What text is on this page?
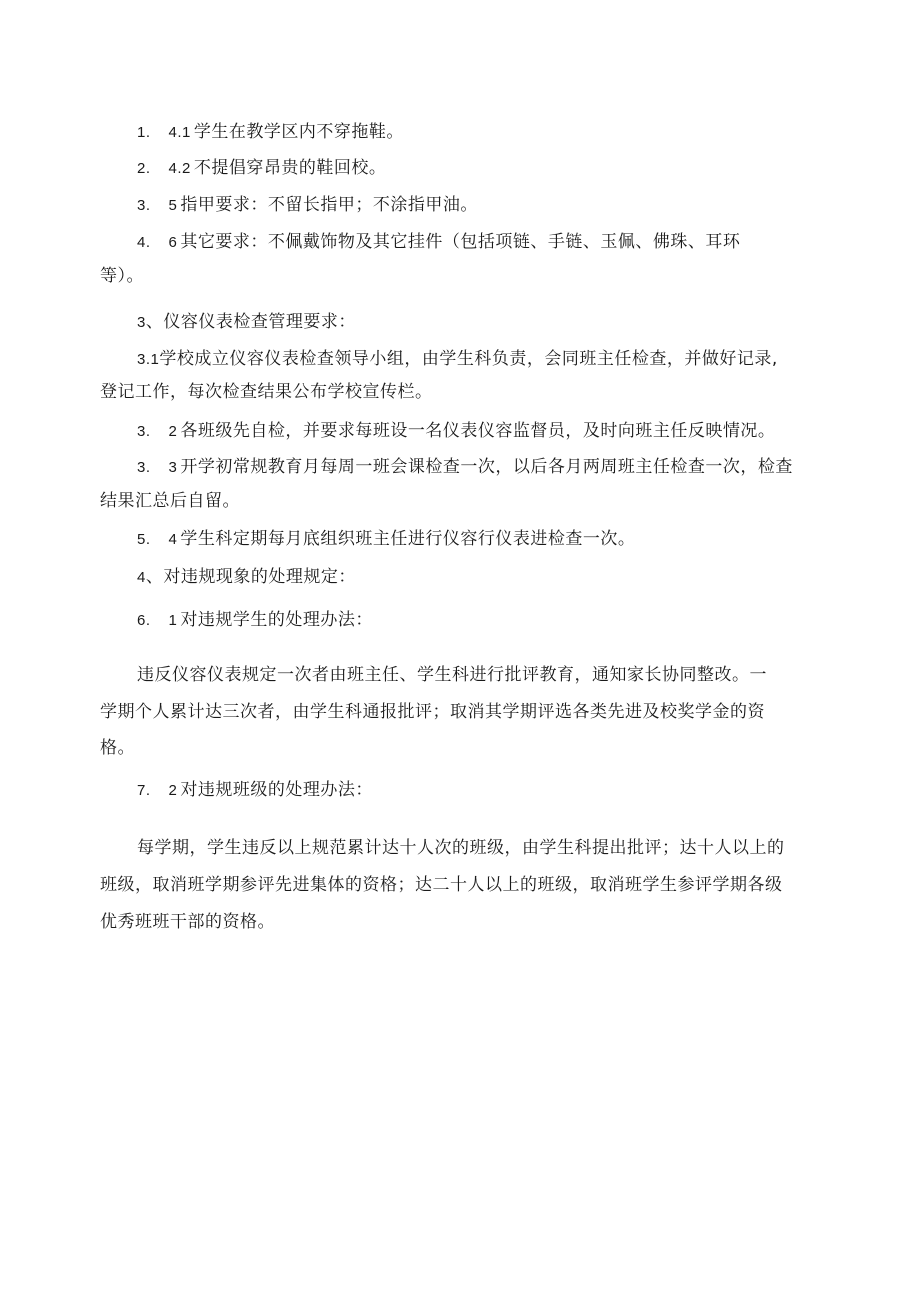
1. 4.1 学生在教学区内不穿拖鞋。
2. 4.2 不提倡穿昂贵的鞋回校。
3. 5 指甲要求：不留长指甲；不涂指甲油。
4. 6 其它要求：不佩戴饰物及其它挂件（包括项链、手链、玉佩、佛珠、耳环
等）。
3、仪容仪表检查管理要求：
3.1学校成立仪容仪表检查领导小组，由学生科负责，会同班主任检查，并做好记录,
登记工作，每次检查结果公布学校宣传栏。
3. 2 各班级先自检，并要求每班设一名仪表仪容监督员，及时向班主任反映情况。
3. 3 开学初常规教育月每周一班会课检查一次，以后各月两周班主任检查一次，检查
结果汇总后自留。
5. 4 学生科定期每月底组织班主任进行仪容行仪表进检查一次。
4、对违规现象的处理规定：
6. 1 对违规学生的处理办法：
违反仪容仪表规定一次者由班主任、学生科进行批评教育，通知家长协同整改。一
学期个人累计达三次者，由学生科通报批评；取消其学期评选各类先进及校奖学金的资
格。
7. 2 对违规班级的处理办法：
每学期，学生违反以上规范累计达十人次的班级，由学生科提出批评；达十人以上的
班级，取消班学期参评先进集体的资格；达二十人以上的班级，取消班学生参评学期各级
优秀班班干部的资格。
